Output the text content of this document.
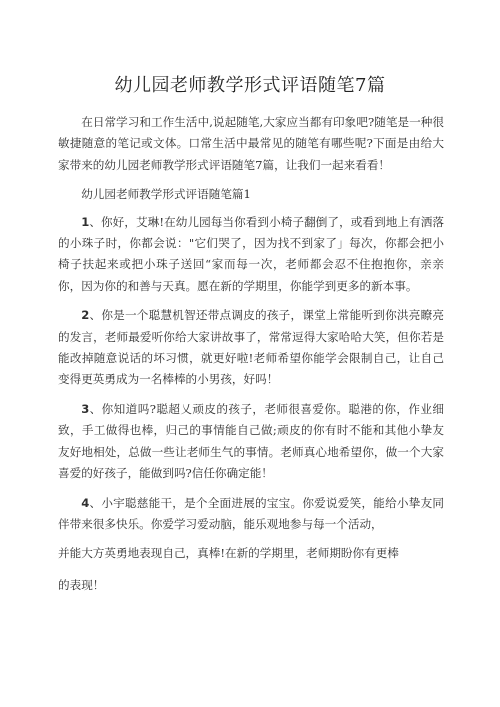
幼儿园老师教学形式评语随笔7篇

在日常学习和工作生活中,说起随笔,大家应当都有印象吧?随笔是一种很敏捷随意的笔记或文体。口常生活中最常见的随笔有哪些呢?下面是由给大家带来的幼儿园老师教学形式评语随笔7篇，让我们一起来看看！

幼儿园老师教学形式评语随笔篇1

1、你好，艾琳!在幼儿园每当你看到小椅子翻倒了，或看到地上有洒落的小珠子时，你都会说："它们哭了，因为找不到家了」每次，你都会把小椅子扶起来或把小珠子送回“家而每一次，老师都会忍不住抱抱你，亲亲你，因为你的和善与天真。愿在新的学期里，你能学到更多的新本事。

2、你是一个聪慧机智还带点调皮的孩子，课堂上常能听到你洪亮瞭亮的发言，老师最爱听你给大家讲故事了，常常逗得大家哈哈大笑，但你若是能改掉随意说话的坏习惯，就更好啦!老师希望你能学会限制自己，让自己变得更英勇成为一名棒棒的小男孩，好吗！

3、你知道吗?聪超乂顽皮的孩子，老师很喜爱你。聪港的你，作业细致，手工做得也棒，归己的事情能自己做;顽皮的你有时不能和其他小挚友友好地相处，总做一些让老师生气的事情。老师真心地希望你，做一个大家喜爱的好孩子，能做到吗?信任你确定能！

4、小宇聪慈能干，是个全面进展的宝宝。你爱说爱笑，能给小挚友同伴带来很多快乐。你爱学习爱动脑，能乐观地参与每一个活动，

并能大方英勇地表现自己，真棒!在新的学期里，老师期盼你有更棒
的表现！
